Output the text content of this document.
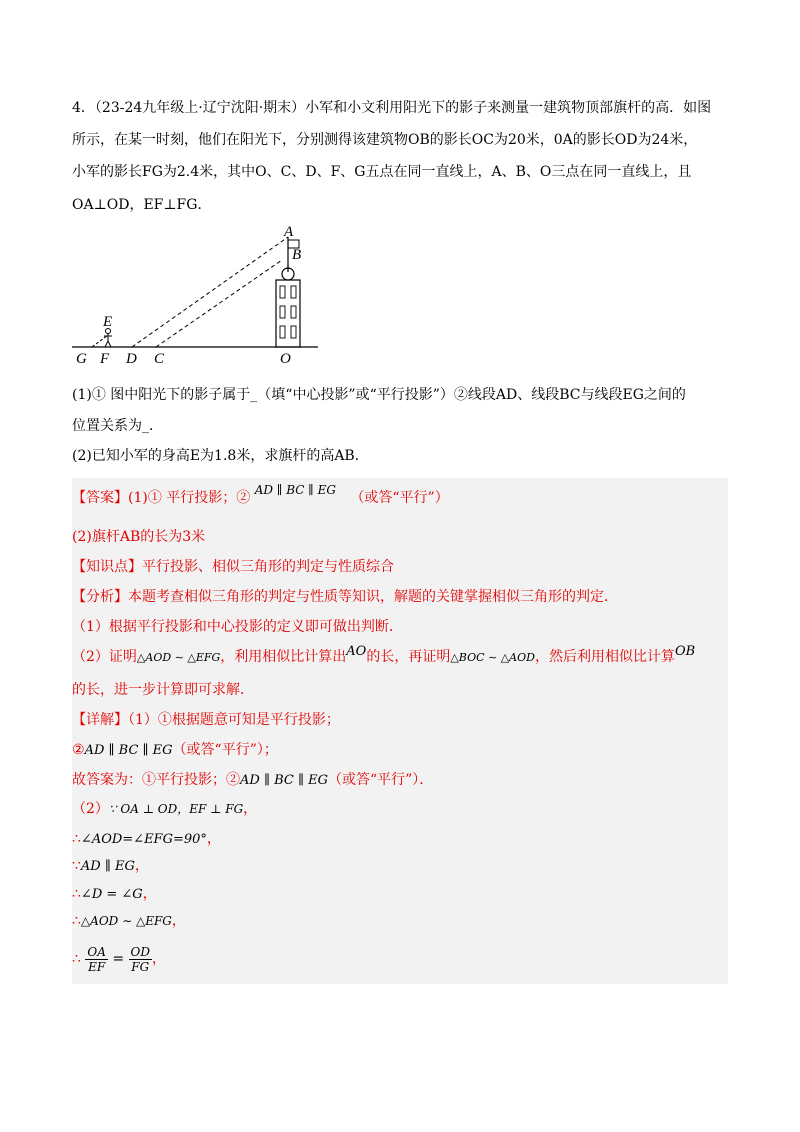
4．（23-24九年级上·辽宁沈阳·期末）小军和小文利用阳光下的影子来测量一建筑物顶部旗杆的高．如图
所示，在某一时刻，他们在阳光下，分别测得该建筑物OB的影长OC为20米，0A的影长OD为24米，
小军的影长FG为2.4米，其中O、C、D、F、G五点在同一直线上，A、B、O三点在同一直线上，且
OA⊥OD，EF⊥FG．
A
B
E
G F D C	O
(1)① 图中阳光下的影子属于_（填“中心投影”或“平行投影”）②线段AD、线段BC与线段EG之间的
位置关系为_．
(2)已知小军的身高E为1.8米，求旗杆的高AB．
【答案】(1)① 平行投影；② AD ∥ BC ∥ EG （或答“平行”）
(2)旗杆AB的长为3米
【知识点】平行投影、相似三角形的判定与性质综合
【分析】本题考查相似三角形的判定与性质等知识，解题的关键掌握相似三角形的判定．
（1）根据平行投影和中心投影的定义即可做出判断．
（2）证明△AOD ∼ △EFG，利用相似比计算出AO的长，再证明△BOC ∼ △AOD，然后利用相似比计算OB
的长，进一步计算即可求解．
【详解】（1）①根据题意可知是平行投影；
②AD ∥ BC ∥ EG（或答“平行”）；
故答案为：①平行投影；②AD ∥ BC ∥ EG（或答“平行”）．
（2）∵ OA ⊥ OD，EF ⊥ FG，
∴∠AOD=∠EFG=90°，
∵AD ∥ EG，
∴∠D = ∠G，
∴△AOD ∼ △EFG，
∴ $\frac{OA}{EF} = \frac{OD}{FG}$ ，
